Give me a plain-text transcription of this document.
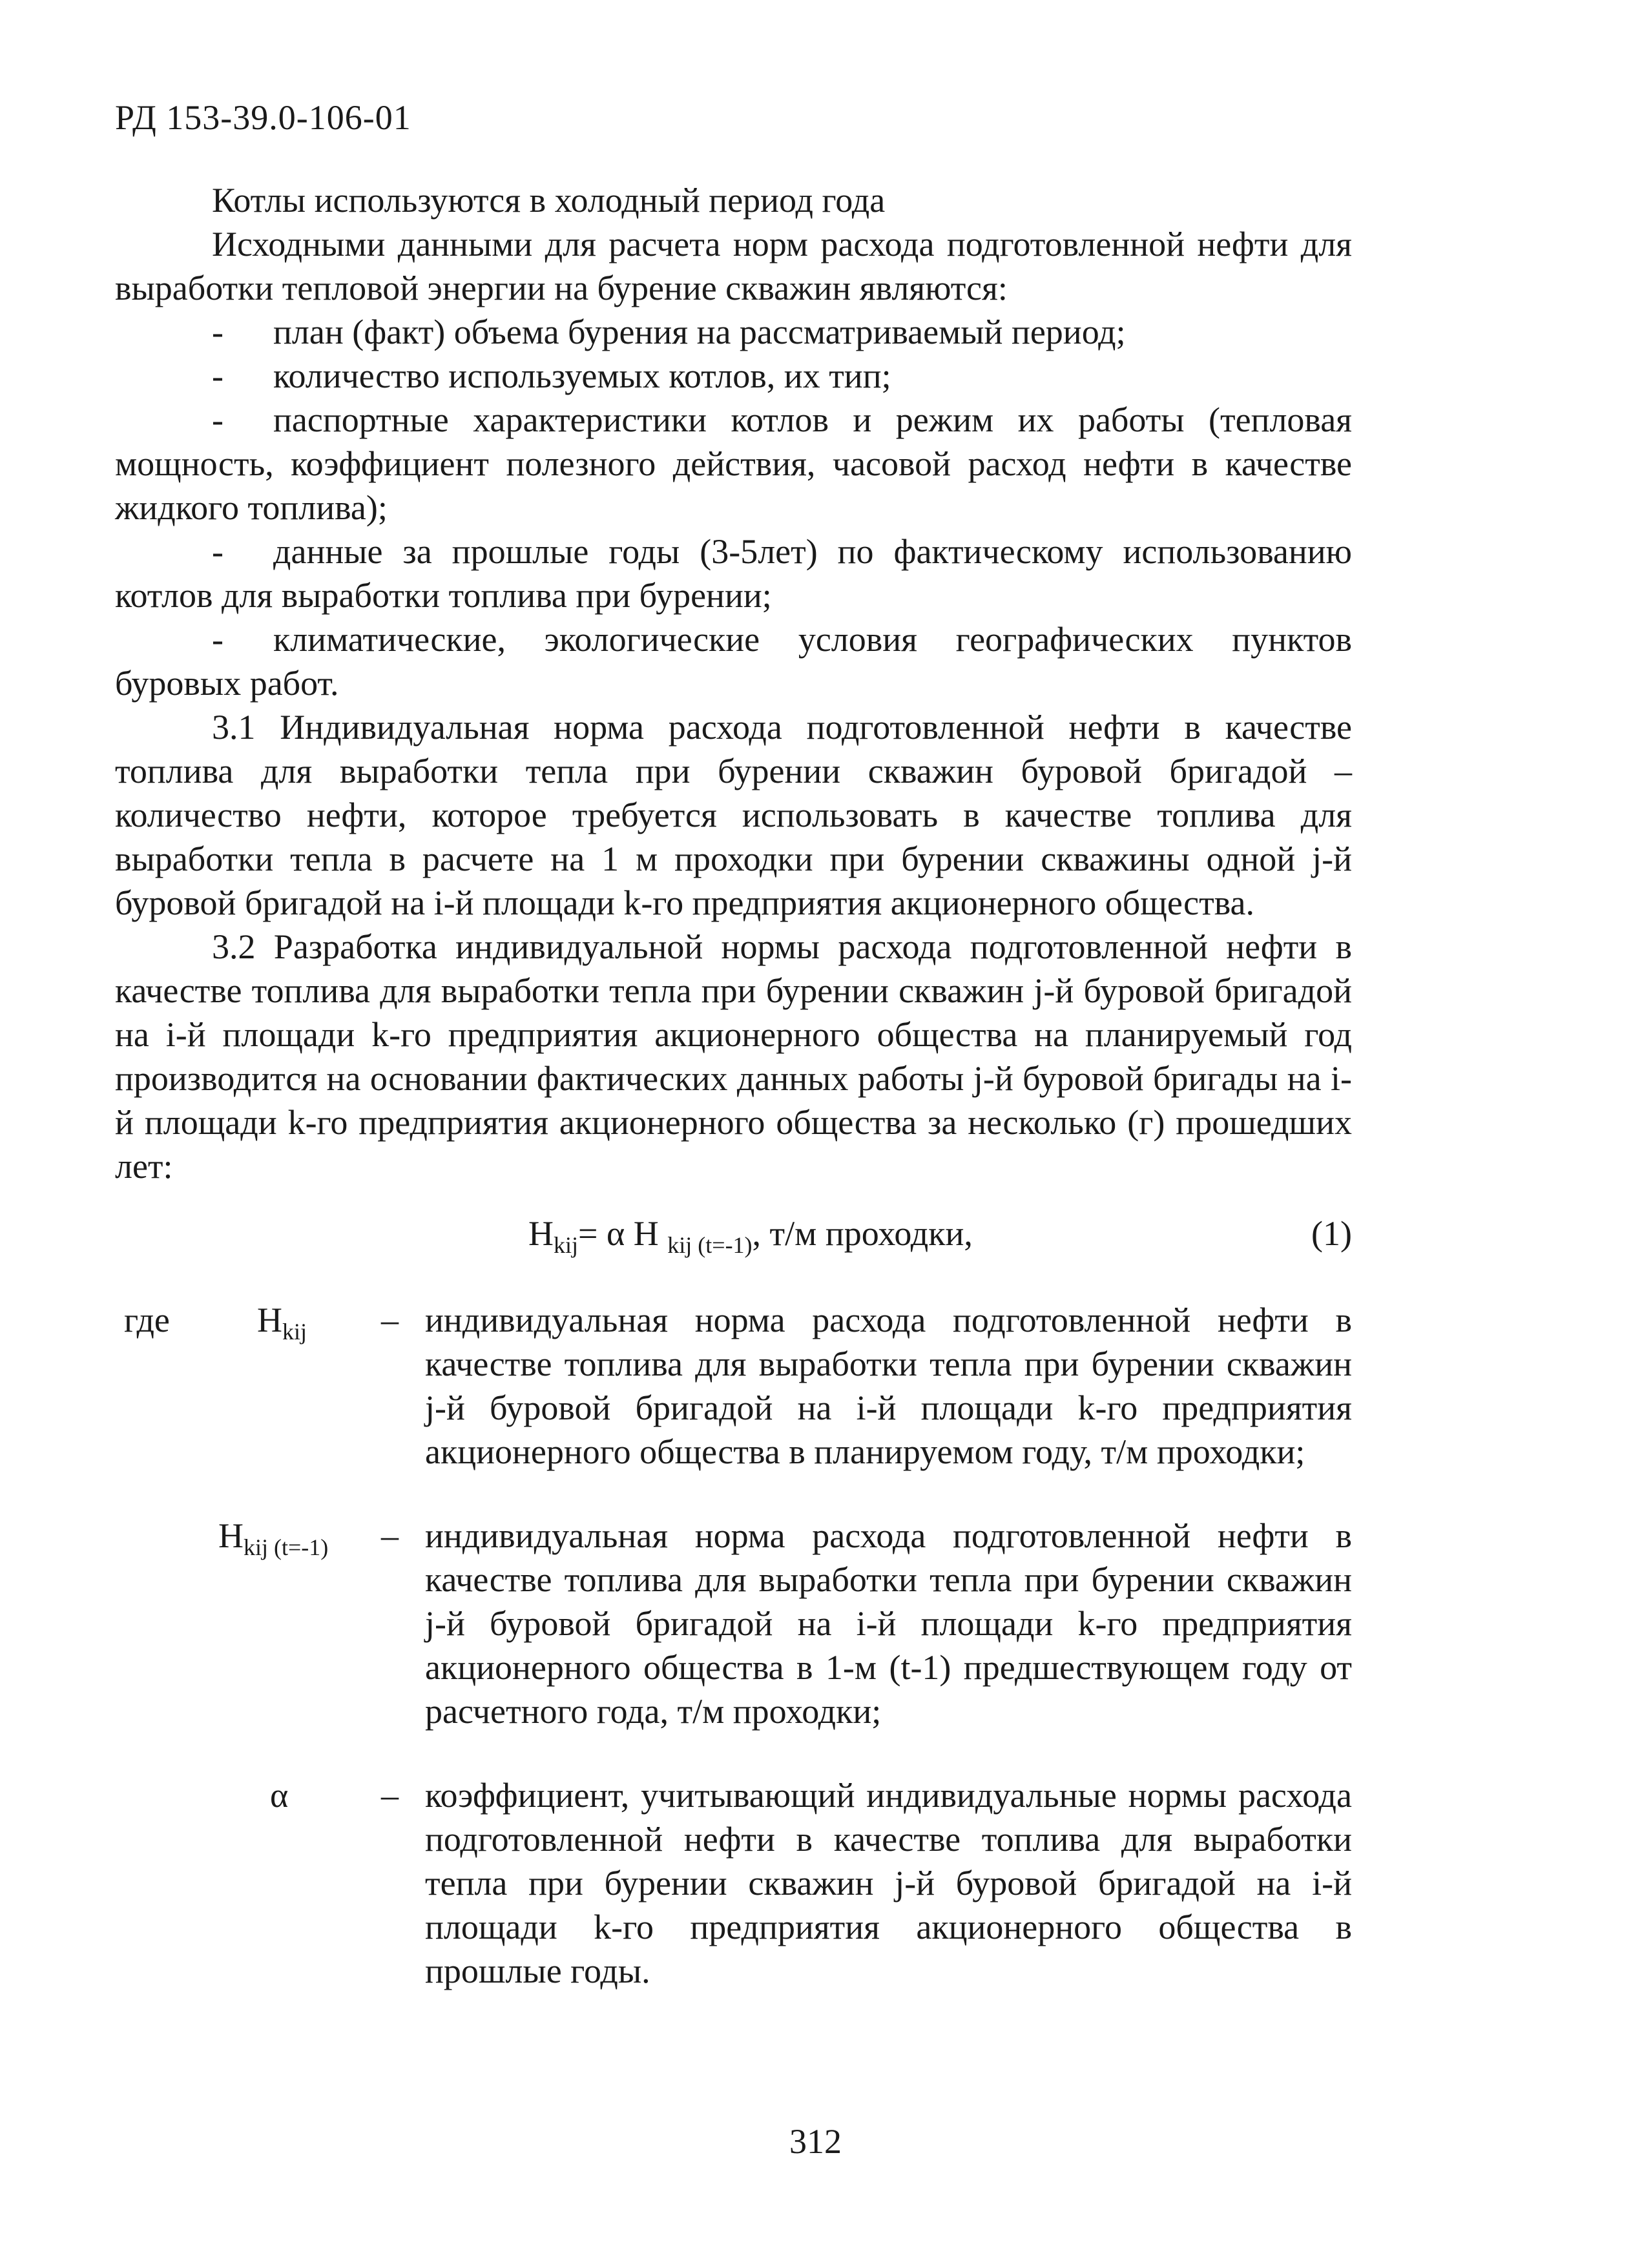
РД 153-39.0-106-01

Котлы используются в холодный период года

Исходными данными для расчета норм расхода подготовленной нефти для выработки тепловой энергии на бурение скважин являются:

- план (факт) объема бурения на рассматриваемый период;

- количество используемых котлов, их тип;

- паспортные характеристики котлов и режим их работы (тепловая мощность, коэффициент полезного действия, часовой расход нефти в качестве жидкого топлива);

- данные за прошлые годы (3-5лет) по фактическому использованию котлов для выработки топлива при бурении;

- климатические, экологические условия географических пунктов буровых работ.

3.1 Индивидуальная норма расхода подготовленной нефти в качестве топлива для выработки тепла при бурении скважин буровой бригадой – количество нефти, которое требуется использовать в качестве топлива для выработки тепла в расчете на 1 м проходки при бурении скважины одной j-й буровой бригадой на i-й площади k-го предприятия акционерного общества.

3.2 Разработка индивидуальной нормы расхода подготовленной нефти в качестве топлива для выработки тепла при бурении скважин j-й буровой бригадой на i-й площади k-го предприятия акционерного общества на планируемый год производится на основании фактических данных работы j-й буровой бригады на i-й площади k-го предприятия акционерного общества за несколько (г) прошедших лет:

$H_{kij}= \alpha$ H $_{kij (t=-1)}$, т/м проходки,	(1)
где	$H_{kij}$ – индивидуальная норма расхода подготовленной нефти в качестве топлива для выработки тепла при бурении скважин j-й буровой бригадой на i-й площади k-го предприятия акционерного общества в планируемом году, т/м проходки;
$H_{kij (t=-1)}$ – индивидуальная норма расхода подготовленной нефти в качестве топлива для выработки тепла при бурении скважин j-й буровой бригадой на i-й площади k-го предприятия акционерного общества в 1-м (t-1) предшествующем году от расчетного года, т/м проходки;
α	– коэффициент, учитывающий индивидуальные нормы расхода подготовленной нефти в качестве топлива для выработки тепла при бурении скважин j-й буровой бригадой на i-й площади k-го предприятия акционерного общества в прошлые годы.
312
